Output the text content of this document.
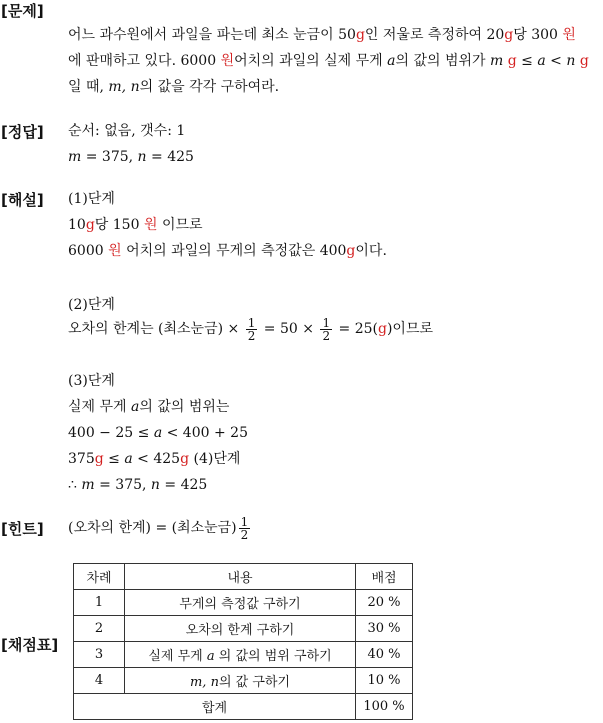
[문제]
[정답]
[해설]
[힌트]
[채점표]
어느 과수원에서 과일을 파는데 최소 눈금이 50g인 저울로 측정하여 20g당 300 원
에 판매하고 있다. 6000 원어치의 과일의 실제 무게 a의 값의 범위가 m g ≤ a < n g
일 때, m, n의 값을 각각 구하여라.
순서: 없음, 갯수: 1
m = 375, n = 425
(1)단계
10g당 150 원 이므로
6000 원 어치의 과일의 무게의 측정값은 400g이다.
(2)단계
오차의 한계는 (최소눈금) × $\frac{1}{2} = 50 \times \frac{1}{2} = 25(g)$이므로
(3)단계
실제 무게 a의 값의 범위는
400 − 25 ≤ a < 400 + 25
375g ≤ a < 425g (4)단계
∴ m = 375, n = 425
(오차의 한계) = (최소눈금) $\frac{1}{2}$
차례	내용	배점
1	무게의 측정값 구하기	20 %
2	오차의 한계 구하기	30 %
3	실제 무게 a 의 값의 범위 구하기	40 %
4	m, n의 값 구하기	10 %
합계		100 %
